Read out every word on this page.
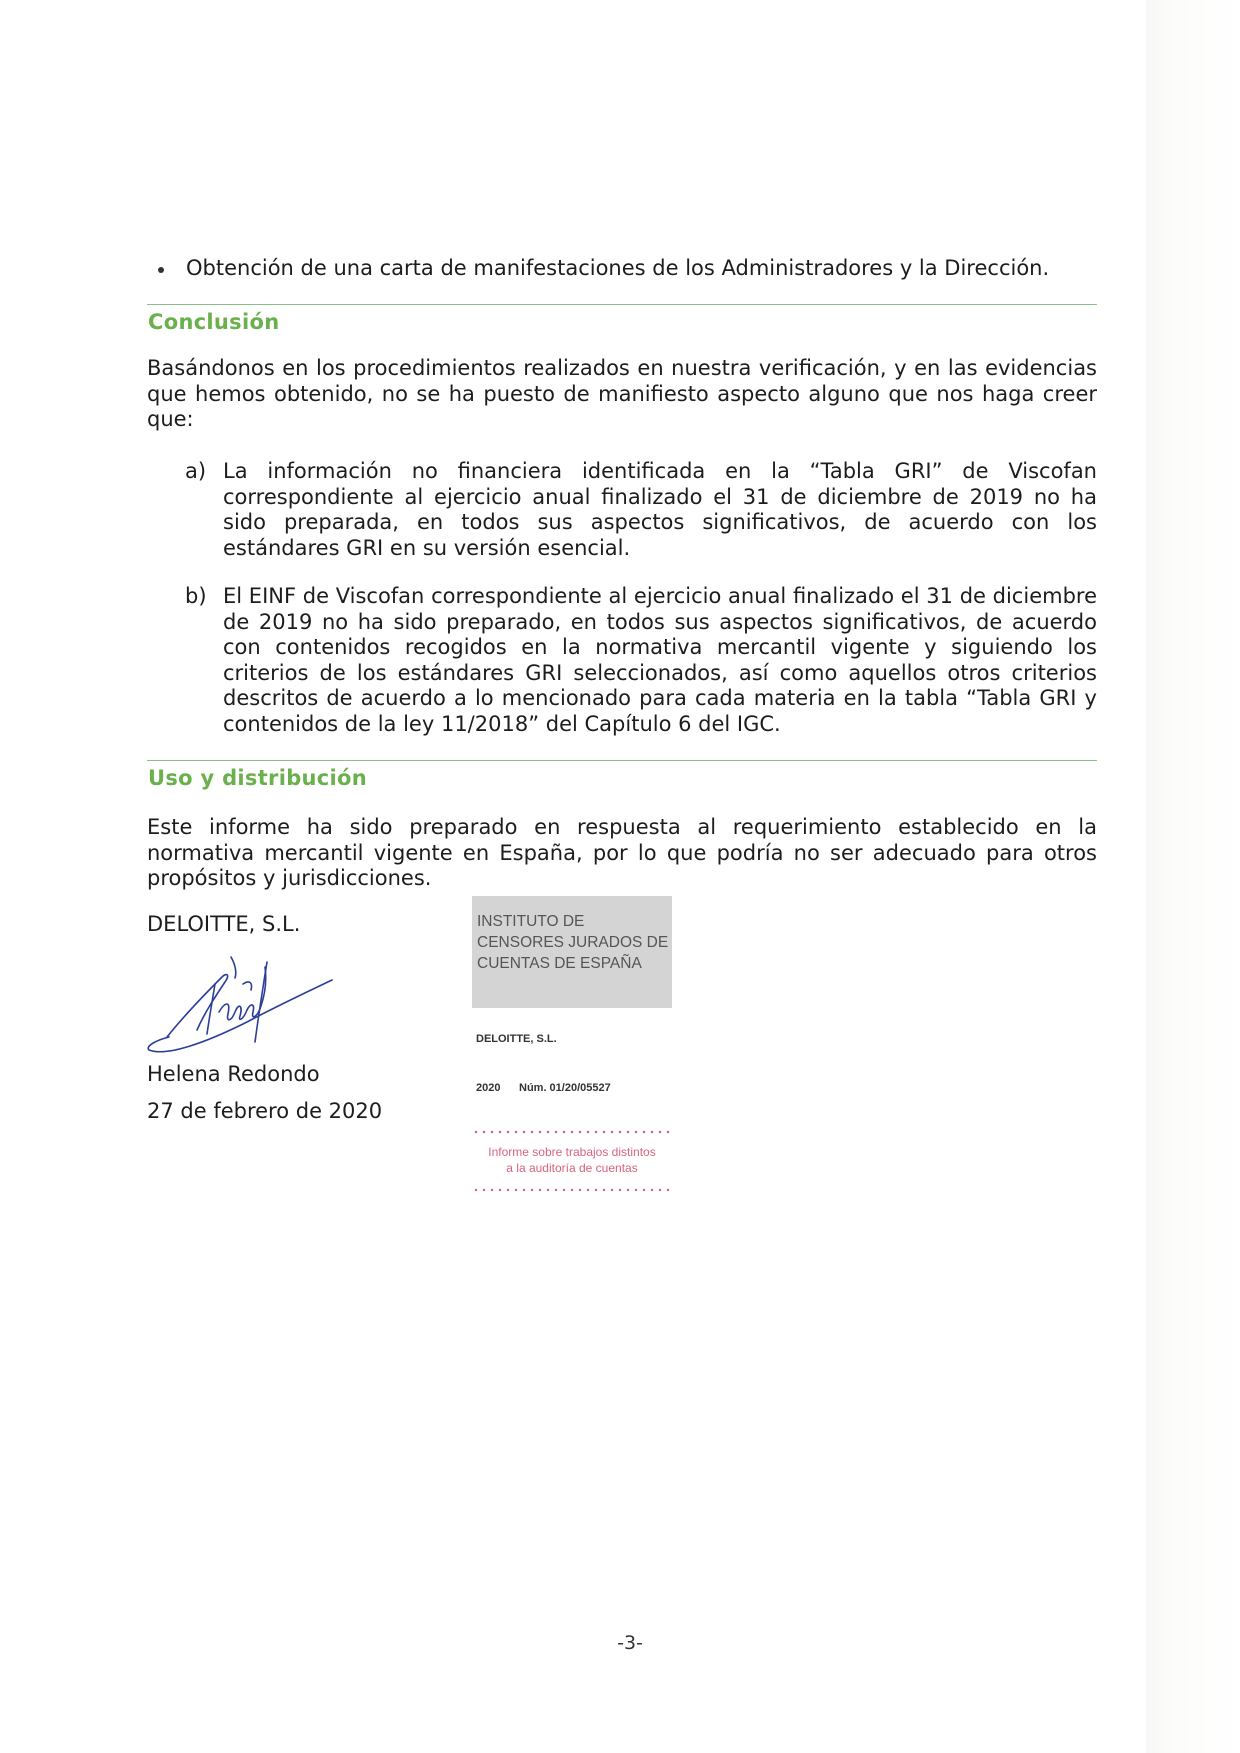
Obtención de una carta de manifestaciones de los Administradores y la Dirección.
Conclusión
Basándonos en los procedimientos realizados en nuestra verificación, y en las evidencias que hemos obtenido, no se ha puesto de manifiesto aspecto alguno que nos haga creer que:
a) La información no financiera identificada en la “Tabla GRI” de Viscofan correspondiente al ejercicio anual finalizado el 31 de diciembre de 2019 no ha sido preparada, en todos sus aspectos significativos, de acuerdo con los estándares GRI en su versión esencial.
b) El EINF de Viscofan correspondiente al ejercicio anual finalizado el 31 de diciembre de 2019 no ha sido preparado, en todos sus aspectos significativos, de acuerdo con contenidos recogidos en la normativa mercantil vigente y siguiendo los criterios de los estándares GRI seleccionados, así como aquellos otros criterios descritos de acuerdo a lo mencionado para cada materia en la tabla “Tabla GRI y contenidos de la ley 11/2018” del Capítulo 6 del IGC.
Uso y distribución
Este informe ha sido preparado en respuesta al requerimiento establecido en la normativa mercantil vigente en España, por lo que podría no ser adecuado para otros propósitos y jurisdicciones.
DELOITTE, S.L.
Helena Redondo
27 de febrero de 2020
INSTITUTO DE CENSORES JURADOS DE CUENTAS DE ESPAÑA
DELOITTE, S.L.
2020 Núm. 01/20/05527
Informe sobre trabajos distintos
a la auditoría de cuentas
-3-
